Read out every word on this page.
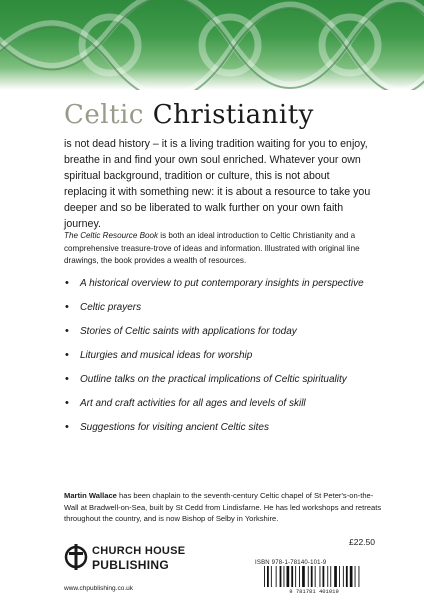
Celtic Christianity
is not dead history – it is a living tradition waiting for you to enjoy, breathe in and find your own soul enriched. Whatever your own spiritual background, tradition or culture, this is not about replacing it with something new: it is about a resource to take you deeper and so be liberated to walk further on your own faith journey.
The Celtic Resource Book is both an ideal introduction to Celtic Christianity and a comprehensive treasure-trove of ideas and information. Illustrated with original line drawings, the book provides a wealth of resources.
• A historical overview to put contemporary insights in perspective
• Celtic prayers
• Stories of Celtic saints with applications for today
• Liturgies and musical ideas for worship
• Outline talks on the practical implications of Celtic spirituality
• Art and craft activities for all ages and levels of skill
• Suggestions for visiting ancient Celtic sites
Martin Wallace has been chaplain to the seventh-century Celtic chapel of St Peter's-on-the-Wall at Bradwell-on-Sea, built by St Cedd from Lindisfarne. He has led workshops and retreats throughout the country, and is now Bishop of Selby in Yorkshire.
£22.50
CHURCH HOUSE
PUBLISHING
www.chpublishing.co.uk
ISBN 978-1-78140-101-9
9 781781 401019
